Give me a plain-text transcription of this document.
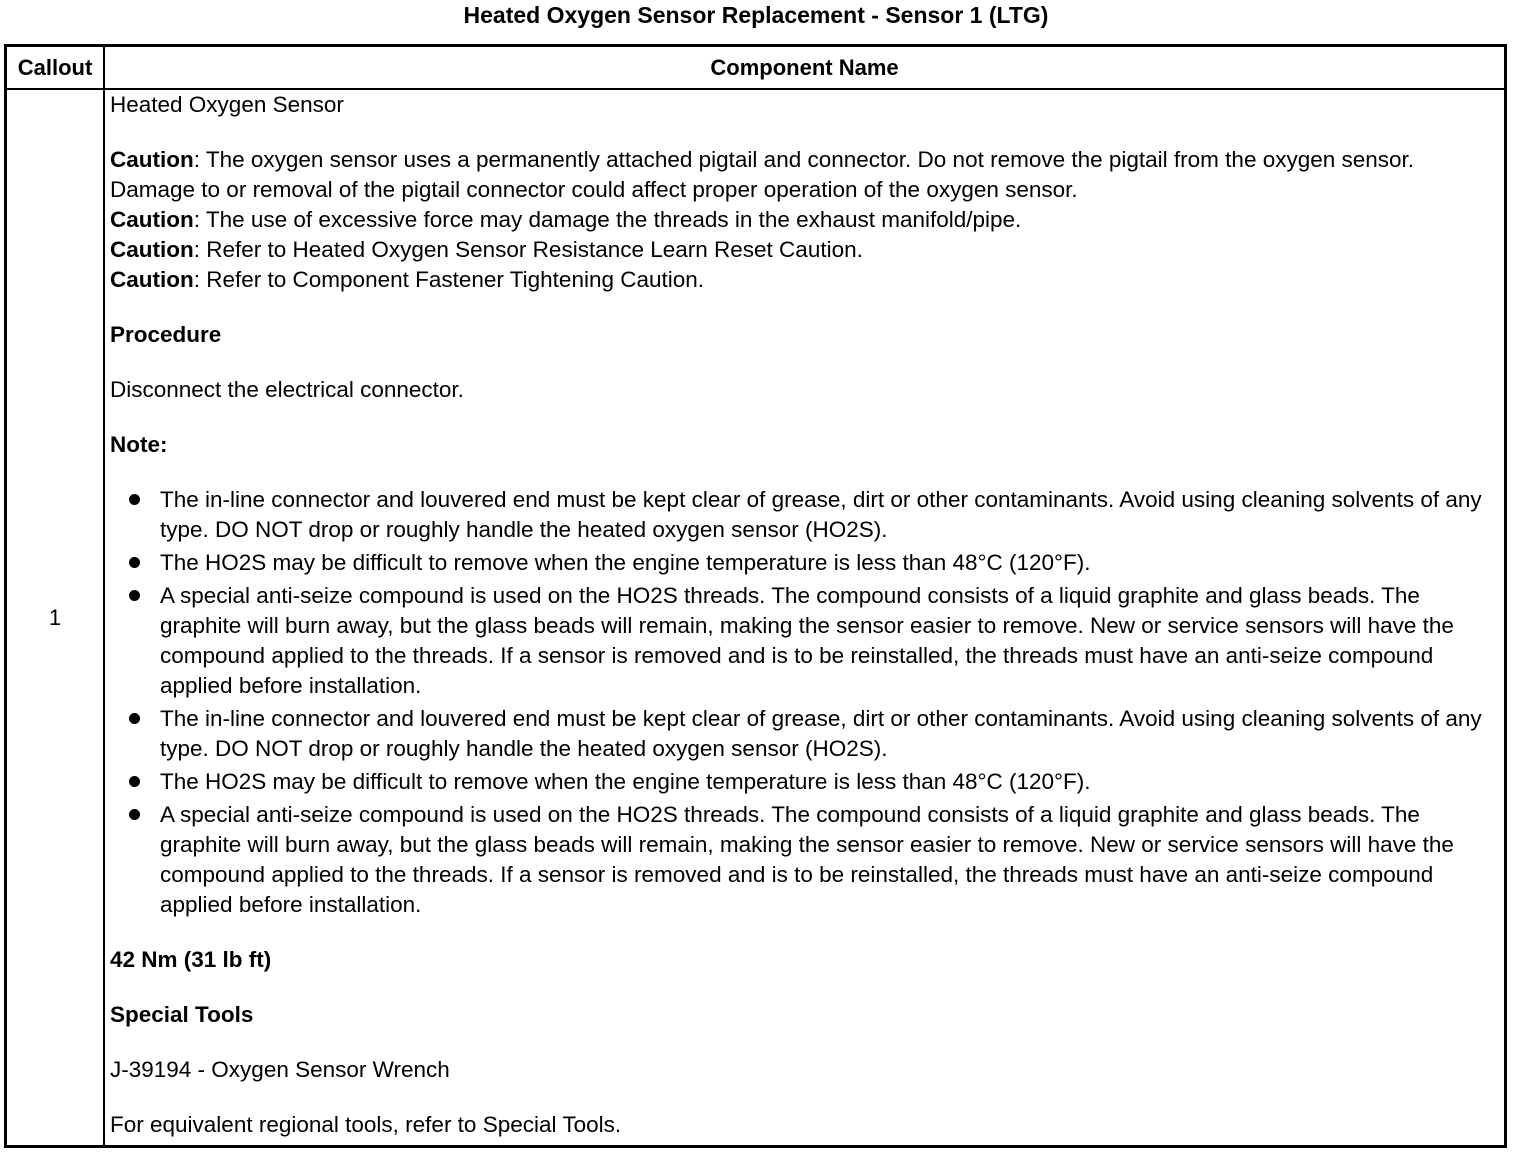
Heated Oxygen Sensor Replacement - Sensor 1 (LTG)
Callout	Component Name
1

Heated Oxygen Sensor

Caution: The oxygen sensor uses a permanently attached pigtail and connector. Do not remove the pigtail from the oxygen sensor. Damage to or removal of the pigtail connector could affect proper operation of the oxygen sensor.

Caution: The use of excessive force may damage the threads in the exhaust manifold/pipe.

Caution: Refer to Heated Oxygen Sensor Resistance Learn Reset Caution.

Caution: Refer to Component Fastener Tightening Caution.

Procedure

Disconnect the electrical connector.

Note:

The in-line connector and louvered end must be kept clear of grease, dirt or other contaminants. Avoid using cleaning solvents of any type. DO NOT drop or roughly handle the heated oxygen sensor (HO2S).
The HO2S may be difficult to remove when the engine temperature is less than 48°C (120°F).
A special anti-seize compound is used on the HO2S threads. The compound consists of a liquid graphite and glass beads. The graphite will burn away, but the glass beads will remain, making the sensor easier to remove. New or service sensors will have the compound applied to the threads. If a sensor is removed and is to be reinstalled, the threads must have an anti-seize compound applied before installation.
The in-line connector and louvered end must be kept clear of grease, dirt or other contaminants. Avoid using cleaning solvents of any type. DO NOT drop or roughly handle the heated oxygen sensor (HO2S).
The HO2S may be difficult to remove when the engine temperature is less than 48°C (120°F).
A special anti-seize compound is used on the HO2S threads. The compound consists of a liquid graphite and glass beads. The graphite will burn away, but the glass beads will remain, making the sensor easier to remove. New or service sensors will have the compound applied to the threads. If a sensor is removed and is to be reinstalled, the threads must have an anti-seize compound applied before installation.

42 Nm (31 lb ft)

Special Tools

J-39194 - Oxygen Sensor Wrench

For equivalent regional tools, refer to Special Tools.
